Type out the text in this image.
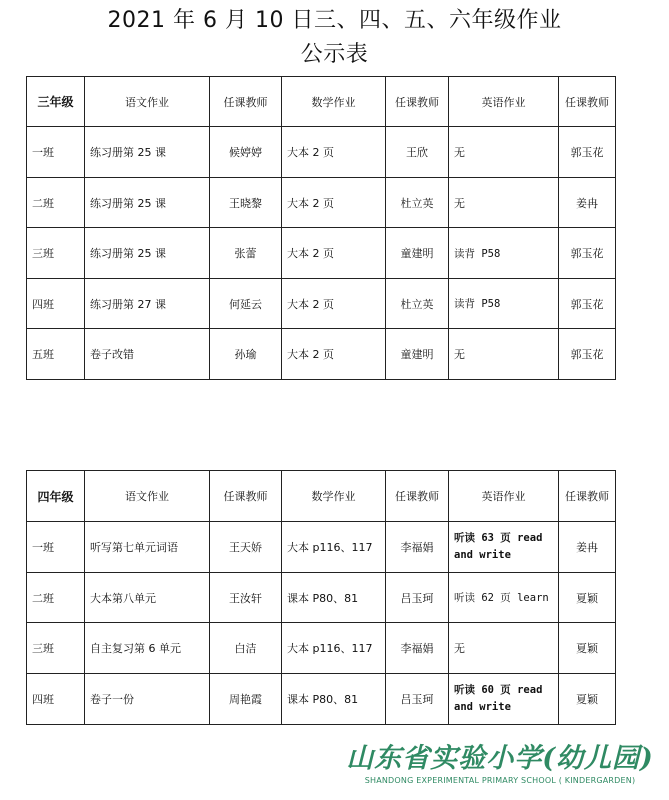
2021 年 6 月 10 日三、四、五、六年级作业
公示表
三年级	语文作业	任课教师	数学作业	任课教师	英语作业	任课教师
一班	练习册第 25 课	候婷婷	大本 2 页	王欣	无	郭玉花
二班	练习册第 25 课	王晓黎	大本 2 页	杜立英	无	姜冉
三班	练习册第 25 课	张蕾	大本 2 页	童建明	读背 P58	郭玉花
四班	练习册第 27 课	何延云	大本 2 页	杜立英	读背 P58	郭玉花
五班	卷子改错	孙瑜	大本 2 页	童建明	无	郭玉花
四年级	语文作业	任课教师	数学作业	任课教师	英语作业	任课教师
一班	听写第七单元词语	王天娇	大本 p116、117	李福娟	听读 63 页 read and write	姜冉
二班	大本第八单元	王汝轩	课本 P80、81	吕玉珂	听读 62 页 learn	夏颖
三班	自主复习第 6 单元	白洁	大本 p116、117	李福娟	无	夏颖
四班	卷子一份	周艳霞	课本 P80、81	吕玉珂	听读 60 页 read and write	夏颖
山东省实验小学(幼儿园)
SHANDONG EXPERIMENTAL PRIMARY SCHOOL ( KINDERGARDEN)
